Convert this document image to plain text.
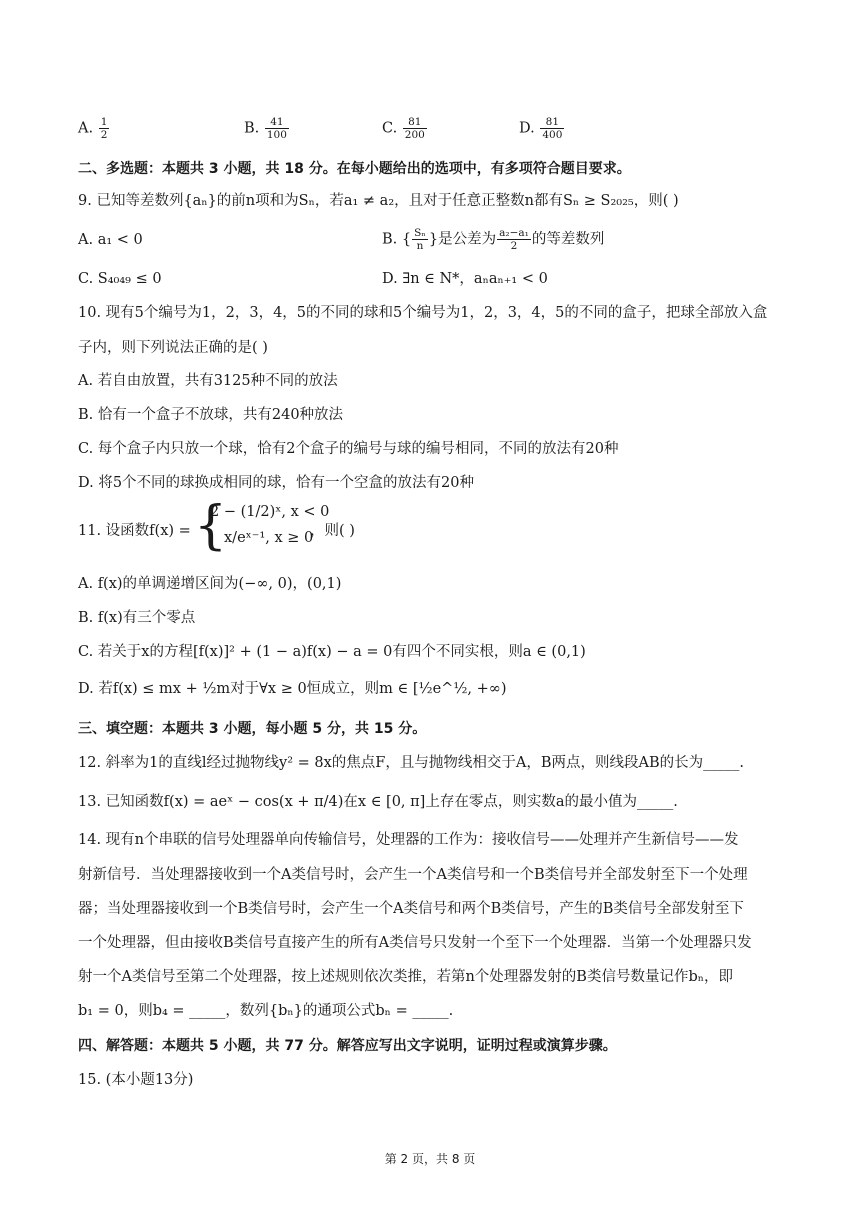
A. $\frac{1}{2}$	B. $\frac{41}{100}$	C. $\frac{81}{200}$	D. $\frac{81}{400}$
二、多选题：本题共 3 小题，共 18 分。在每小题给出的选项中，有多项符合题目要求。
9. 已知等差数列{aₙ}的前n项和为Sₙ，若a₁ ≠ a₂，且对于任意正整数n都有Sₙ ≥ S₂₀₂₅，则( )
A. a₁ < 0	B. { $\frac{\text{Sₙ}}{n}$ }是公差为 $\frac{\text{a₂−a₁}}{2}$ 的等差数列
C. S₄₀₄₉ ≤ 0	D. ∃n ∈ N*，aₙaₙ₊₁ < 0
10. 现有5个编号为1，2，3，4，5的不同的球和5个编号为1，2，3，4，5的不同的盒子，把球全部放入盒
子内，则下列说法正确的是( )
A. 若自由放置，共有3125种不同的放法
B. 恰有一个盒子不放球，共有240种放法
C. 每个盒子内只放一个球，恰有2个盒子的编号与球的编号相同，不同的放法有20种
D. 将5个不同的球换成相同的球，恰有一个空盒的放法有20种
11. 设函数f(x) = {
2 − (1/2)ˣ, x < 0
x/eˣ⁻¹, x ≥ 0
，则( )
A. f(x)的单调递增区间为(−∞, 0)，(0,1)
B. f(x)有三个零点
C. 若关于x的方程[f(x)]² + (1 − a)f(x) − a = 0有四个不同实根，则a ∈ (0,1)
D. 若f(x) ≤ mx + ½m对于∀x ≥ 0恒成立，则m ∈ [½e^½, +∞)
三、填空题：本题共 3 小题，每小题 5 分，共 15 分。
12. 斜率为1的直线l经过抛物线y² = 8x的焦点F，且与抛物线相交于A，B两点，则线段AB的长为_____.
13. 已知函数f(x) = aeˣ − cos(x + π/4)在x ∈ [0, π]上存在零点，则实数a的最小值为_____.
14. 现有n个串联的信号处理器单向传输信号，处理器的工作为：接收信号——处理并产生新信号——发
射新信号．当处理器接收到一个A类信号时，会产生一个A类信号和一个B类信号并全部发射至下一个处理
器；当处理器接收到一个B类信号时，会产生一个A类信号和两个B类信号，产生的B类信号全部发射至下
一个处理器，但由接收B类信号直接产生的所有A类信号只发射一个至下一个处理器．当第一个处理器只发
射一个A类信号至第二个处理器，按上述规则依次类推，若第n个处理器发射的B类信号数量记作bₙ，即
b₁ = 0，则b₄ = _____，数列{bₙ}的通项公式bₙ = _____.
四、解答题：本题共 5 小题，共 77 分。解答应写出文字说明，证明过程或演算步骤。
15. (本小题13分)
第 2 页，共 8 页
